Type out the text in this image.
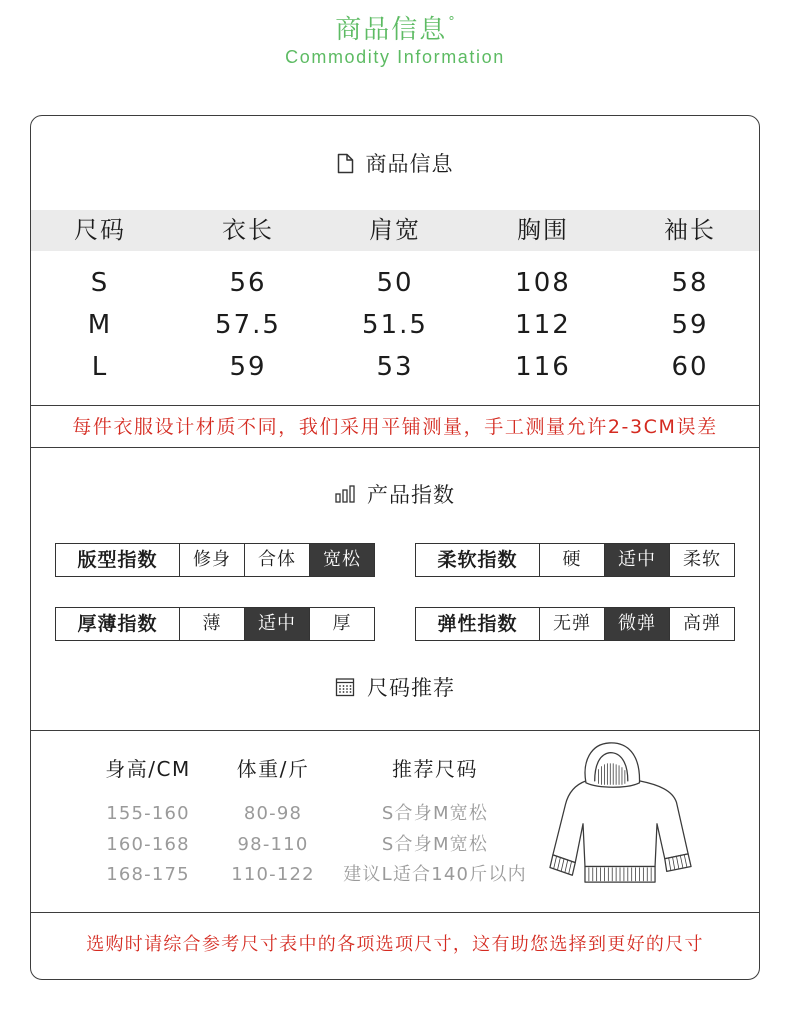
商品信息°
Commodity Information
商品信息
尺码	衣长	肩宽	胸围	袖长
S	56	50	108	58
M	57.5	51.5	112	59
L	59	53	116	60
每件衣服设计材质不同，我们采用平铺测量，手工测量允许2-3CM误差
产品指数
版型指数	修身	合体	宽松	柔软指数	硬	适中	柔软
厚薄指数	薄	适中	厚	弹性指数	无弹	微弹	高弹
尺码推荐
身高/CM	体重/斤	推荐尺码
155-160	80-98	S合身M宽松
160-168	98-110	S合身M宽松
168-175	110-122	建议L适合140斤以内
选购时请综合参考尺寸表中的各项选项尺寸，这有助您选择到更好的尺寸
